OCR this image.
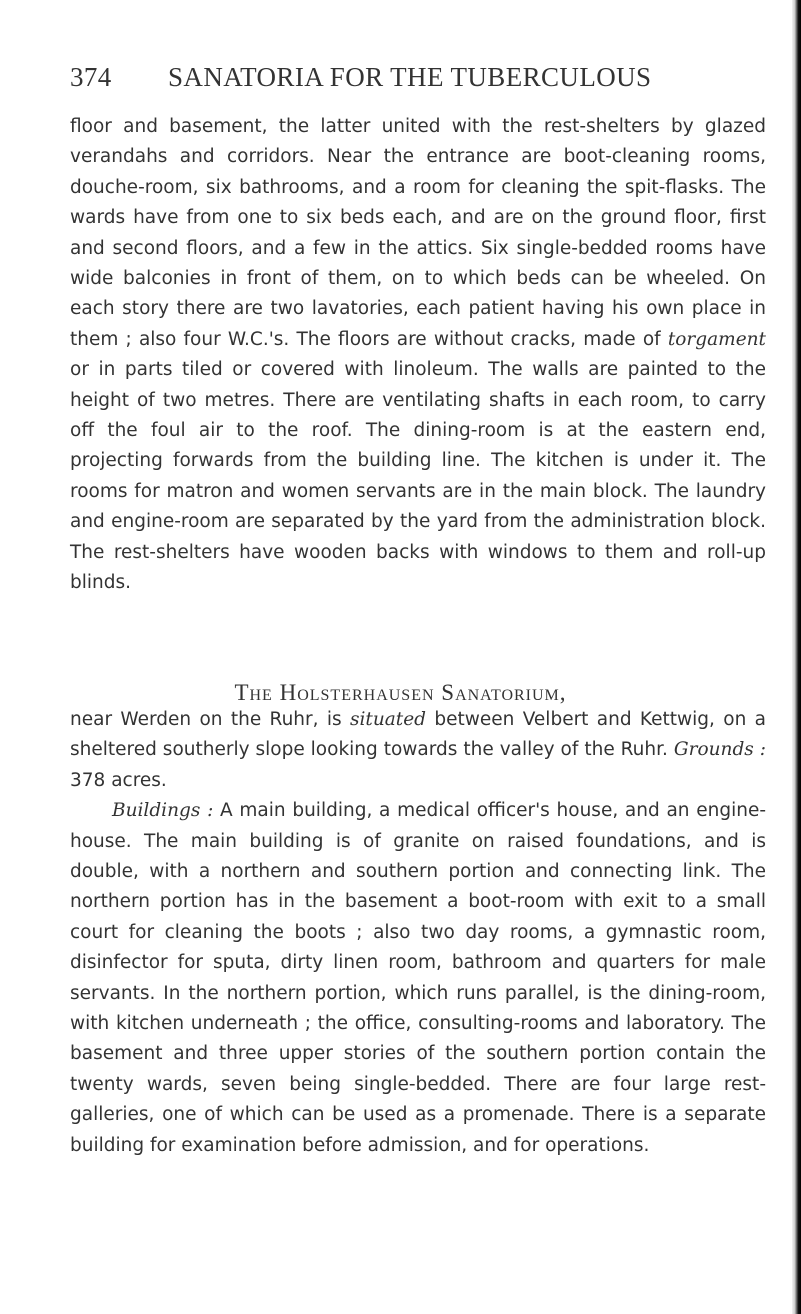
374 SANATORIA FOR THE TUBERCULOUS

floor and basement, the latter united with the rest-shelters by glazed verandahs and corridors. Near the entrance are boot-cleaning rooms, douche-room, six bathrooms, and a room for cleaning the spit-flasks. The wards have from one to six beds each, and are on the ground floor, first and second floors, and a few in the attics. Six single-bedded rooms have wide balconies in front of them, on to which beds can be wheeled. On each story there are two lavatories, each patient having his own place in them ; also four W.C.'s. The floors are without cracks, made of torgament or in parts tiled or covered with linoleum. The walls are painted to the height of two metres. There are ventilating shafts in each room, to carry off the foul air to the roof. The dining-room is at the eastern end, projecting forwards from the building line. The kitchen is under it. The rooms for matron and women servants are in the main block. The laundry and engine-room are separated by the yard from the administration block. The rest-shelters have wooden backs with windows to them and roll-up blinds.

The Holsterhausen Sanatorium,

near Werden on the Ruhr, is situated between Velbert and Kettwig, on a sheltered southerly slope looking towards the valley of the Ruhr. Grounds : 378 acres.

Buildings : A main building, a medical officer's house, and an engine-house. The main building is of granite on raised foundations, and is double, with a northern and southern portion and connecting link. The northern portion has in the basement a boot-room with exit to a small court for cleaning the boots ; also two day rooms, a gymnastic room, disinfector for sputa, dirty linen room, bathroom and quarters for male servants. In the northern portion, which runs parallel, is the dining-room, with kitchen underneath ; the office, consulting-rooms and laboratory. The basement and three upper stories of the southern portion contain the twenty wards, seven being single-bedded. There are four large rest-galleries, one of which can be used as a promenade. There is a separate building for examination before admission, and for operations.
